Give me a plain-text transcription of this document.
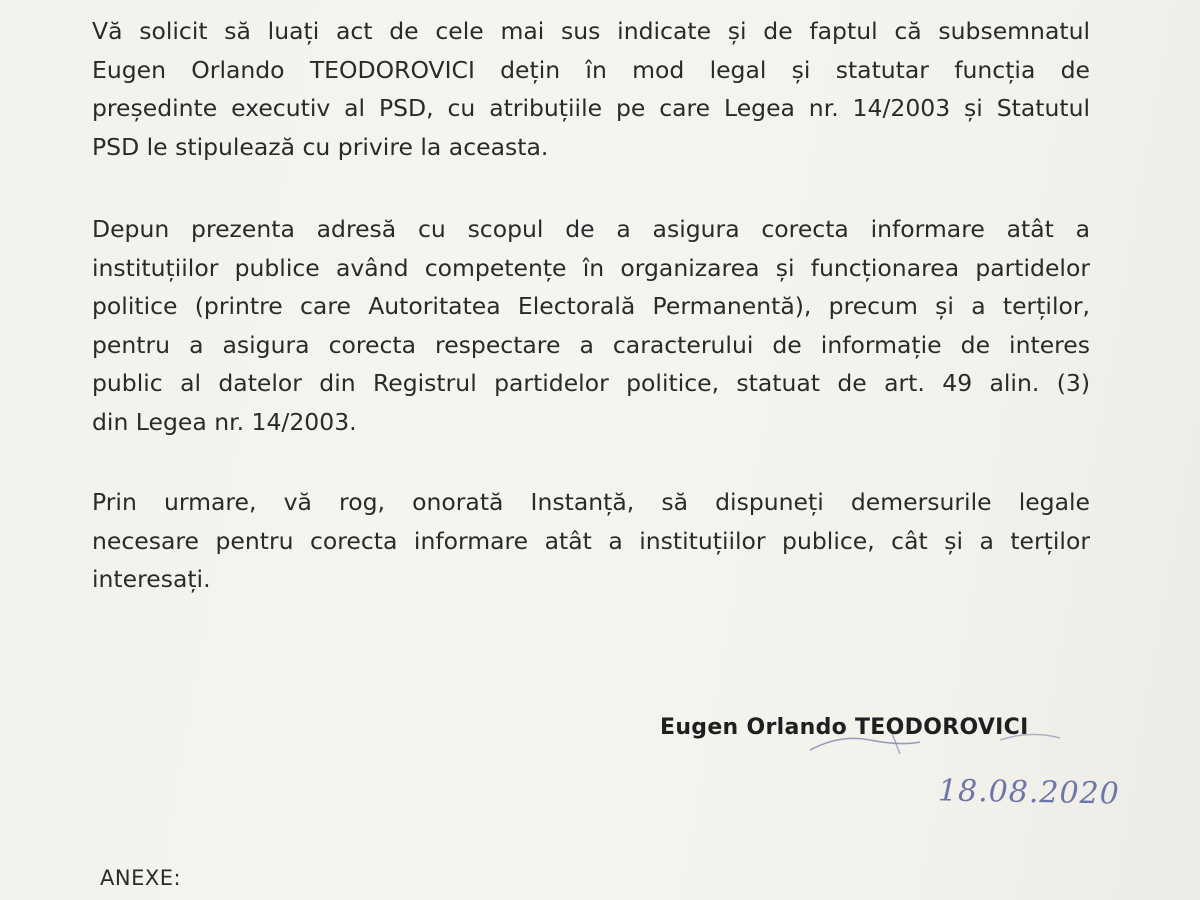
Vă solicit să luați act de cele mai sus indicate și de faptul că subsemnatul
Eugen Orlando TEODOROVICI dețin în mod legal și statutar funcția de
președinte executiv al PSD, cu atribuțiile pe care Legea nr. 14/2003 și Statutul
PSD le stipulează cu privire la aceasta.
Depun prezenta adresă cu scopul de a asigura corecta informare atât a
instituțiilor publice având competențe în organizarea și funcționarea partidelor
politice (printre care Autoritatea Electorală Permanentă), precum și a terților,
pentru a asigura corecta respectare a caracterului de informație de interes
public al datelor din Registrul partidelor politice, statuat de art. 49 alin. (3)
din Legea nr. 14/2003.
Prin urmare, vă rog, onorată Instanță, să dispuneți demersurile legale
necesare pentru corecta informare atât a instituțiilor publice, cât și a terților
interesați.
Eugen Orlando TEODOROVICI
18.08.2020
ANEXE:
